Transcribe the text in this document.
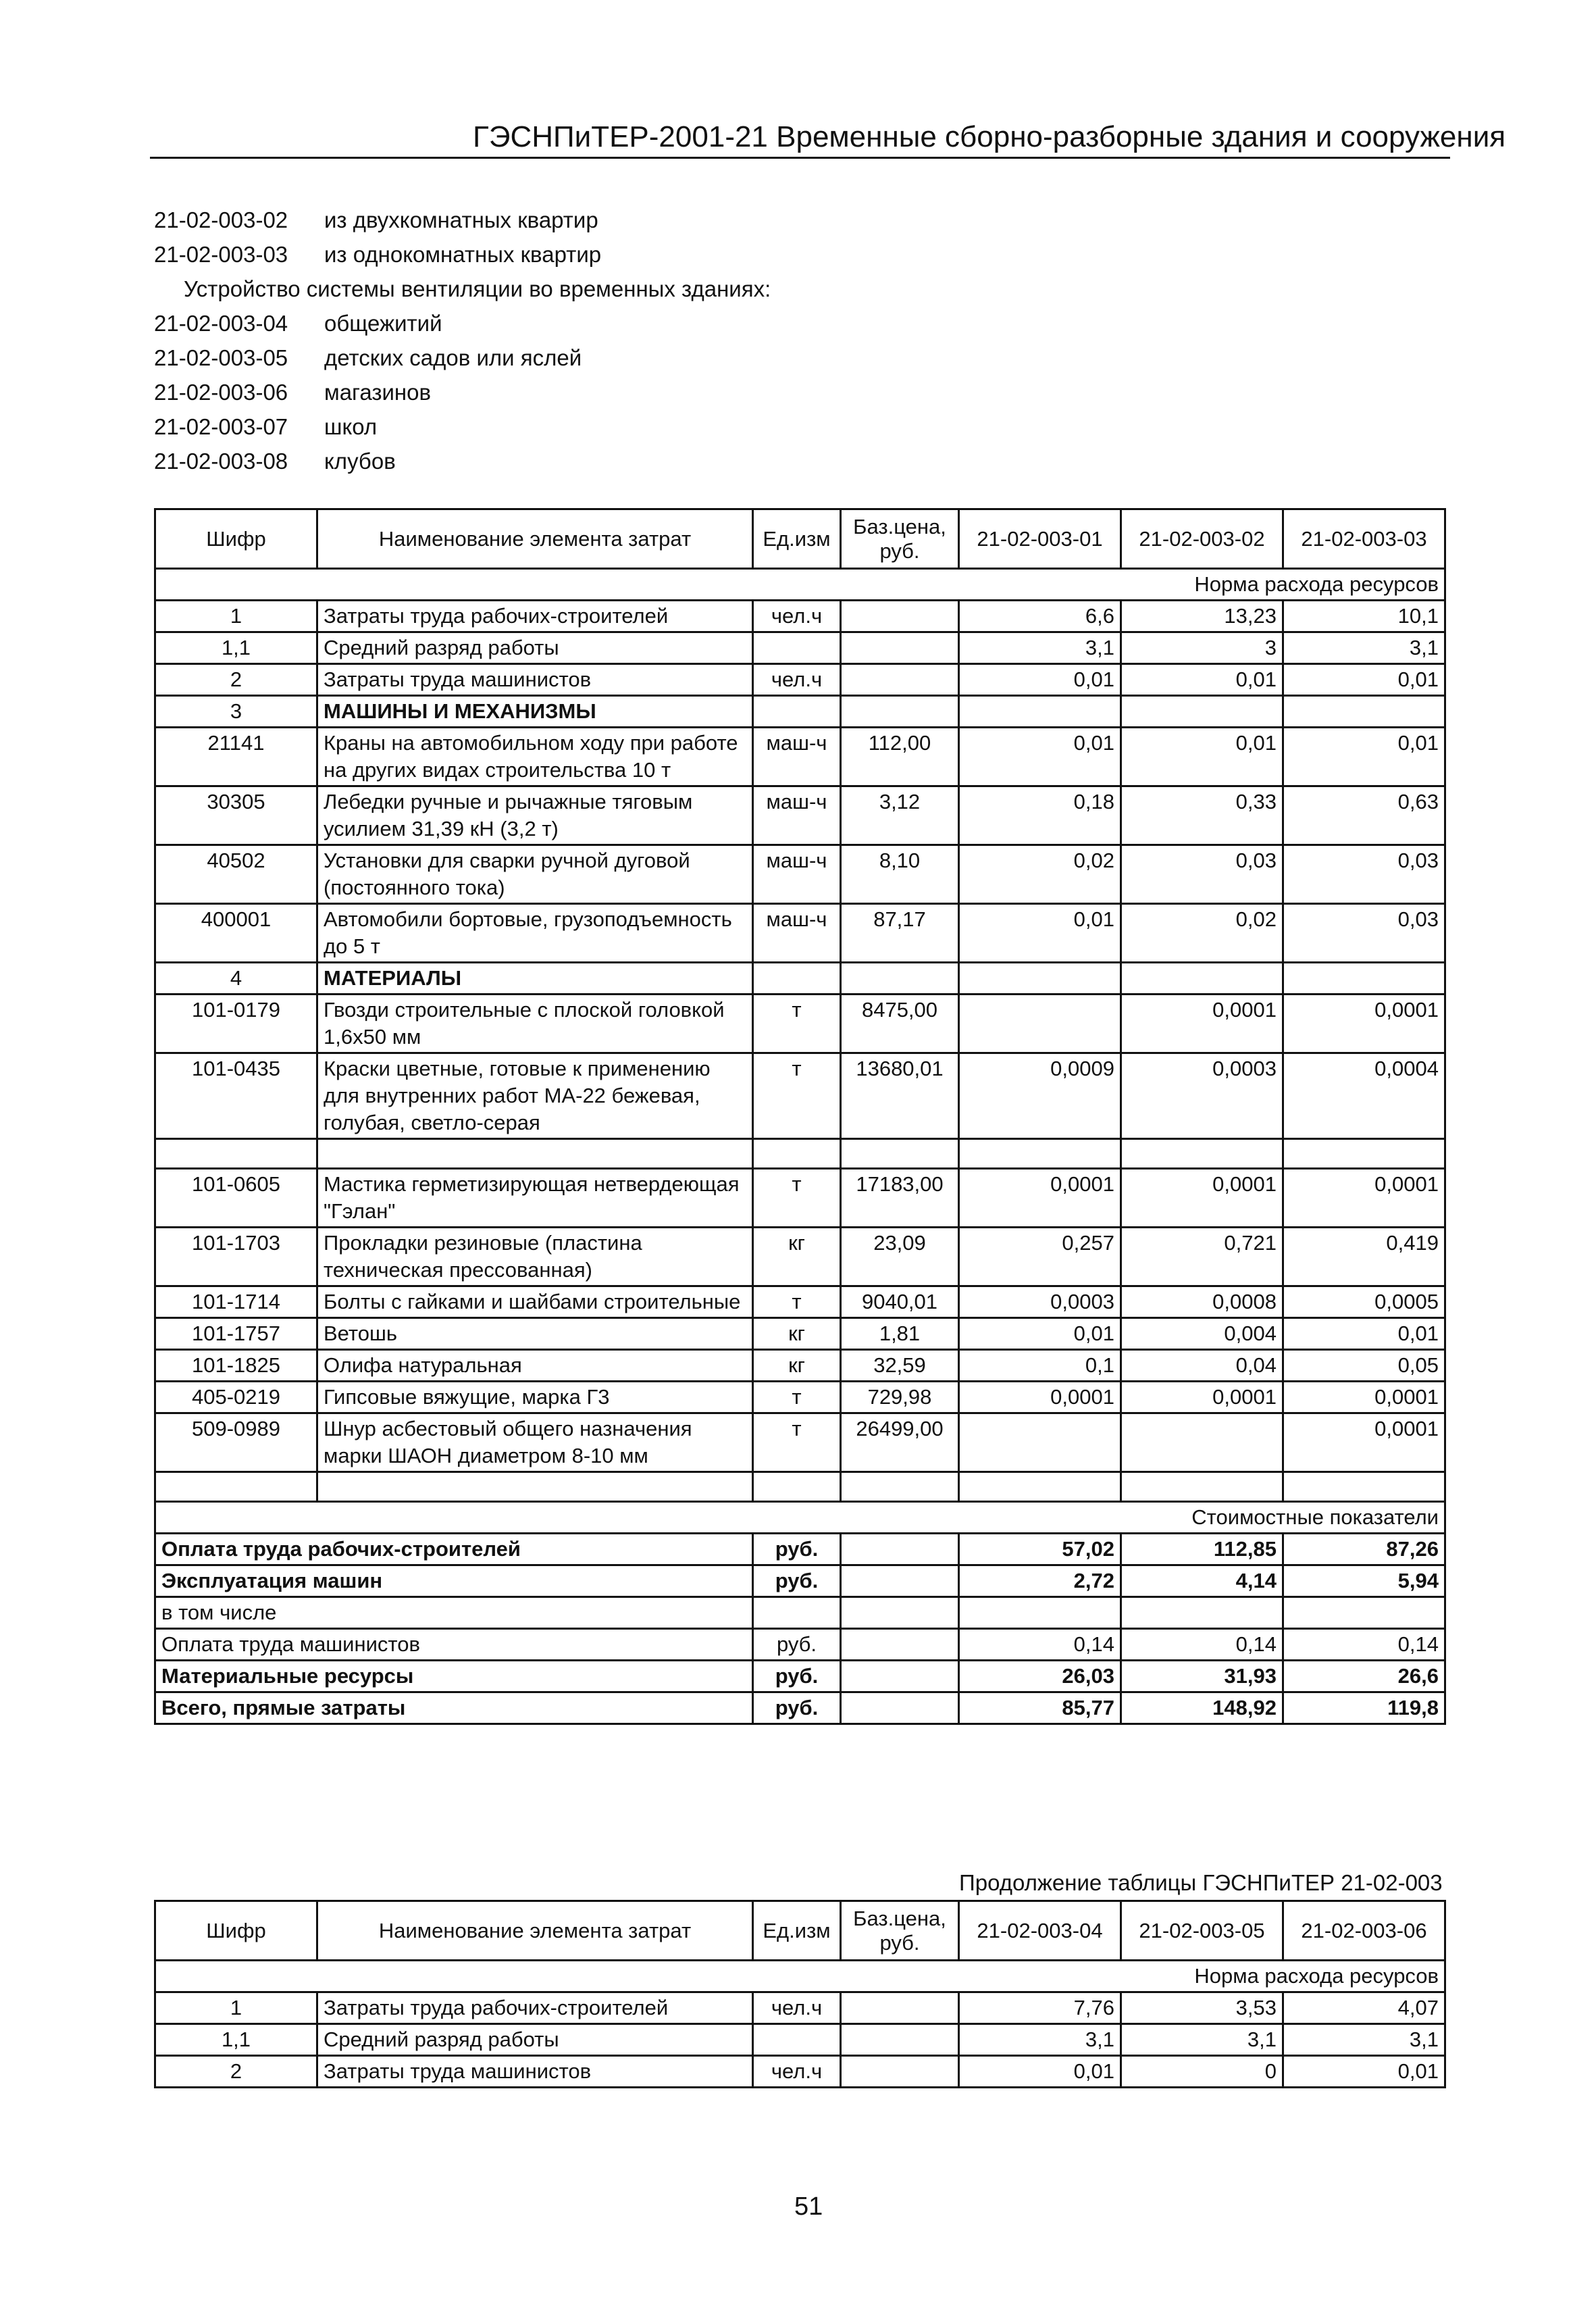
ГЭСНПиТЕР-2001-21 Временные сборно-разборные здания и сооружения
21-02-003-02	из двухкомнатных квартир
21-02-003-03	из однокомнатных квартир
Устройство системы вентиляции во временных зданиях:
21-02-003-04	общежитий
21-02-003-05	детских садов или яслей
21-02-003-06	магазинов
21-02-003-07	школ
21-02-003-08	клубов
Шифр	Наименование элемента затрат	Ед.изм	Баз.цена, руб.	21-02-003-01	21-02-003-02	21-02-003-03
Норма расхода ресурсов						
1	Затраты труда рабочих-строителей	чел.ч		6,6	13,23	10,1
1,1	Средний разряд работы			3,1	3	3,1
2	Затраты труда машинистов	чел.ч		0,01	0,01	0,01
3	МАШИНЫ И МЕХАНИЗМЫ					
21141	Краны на автомобильном ходу при работе на других видах строительства 10 т	маш-ч	112,00	0,01	0,01	0,01
30305	Лебедки ручные и рычажные тяговым усилием 31,39 кН (3,2 т)	маш-ч	3,12	0,18	0,33	0,63
40502	Установки для сварки ручной дуговой (постоянного тока)	маш-ч	8,10	0,02	0,03	0,03
400001	Автомобили бортовые, грузоподъемность до 5 т	маш-ч	87,17	0,01	0,02	0,03
4	МАТЕРИАЛЫ					
101-0179	Гвозди строительные с плоской головкой 1,6x50 мм	т	8475,00		0,0001	0,0001
101-0435	Краски цветные, готовые к применению для внутренних работ МА-22 бежевая, голубая, светло-серая	т	13680,01	0,0009	0,0003	0,0004

101-0605	Мастика герметизирующая нетвердеющая "Гэлан"	т	17183,00	0,0001	0,0001	0,0001
101-1703	Прокладки резиновые (пластина техническая прессованная)	кг	23,09	0,257	0,721	0,419
101-1714	Болты с гайками и шайбами строительные	т	9040,01	0,0003	0,0008	0,0005
101-1757	Ветошь	кг	1,81	0,01	0,004	0,01
101-1825	Олифа натуральная	кг	32,59	0,1	0,04	0,05
405-0219	Гипсовые вяжущие, марка Г3	т	729,98	0,0001	0,0001	0,0001
509-0989	Шнур асбестовый общего назначения марки ШАОН диаметром 8-10 мм	т	26499,00			0,0001

Стоимостные показатели						
Оплата труда рабочих-строителей		руб.		57,02	112,85	87,26
Эксплуатация машин		руб.		2,72	4,14	5,94
в том числе						
Оплата труда машинистов		руб.		0,14	0,14	0,14
Материальные ресурсы		руб.		26,03	31,93	26,6
Всего, прямые затраты		руб.		85,77	148,92	119,8
Продолжение таблицы ГЭСНПиТЕР 21-02-003
Шифр	Наименование элемента затрат	Ед.изм	Баз.цена, руб.	21-02-003-04	21-02-003-05	21-02-003-06
Норма расхода ресурсов						
1	Затраты труда рабочих-строителей	чел.ч		7,76	3,53	4,07
1,1	Средний разряд работы			3,1	3,1	3,1
2	Затраты труда машинистов	чел.ч		0,01	0	0,01
51
